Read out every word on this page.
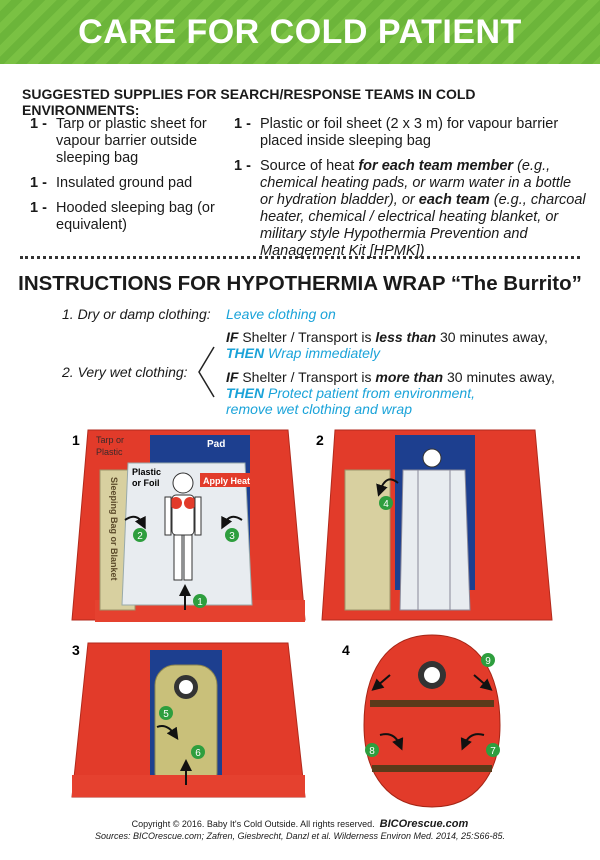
CARE FOR COLD PATIENT
SUGGESTED SUPPLIES FOR SEARCH/RESPONSE TEAMS IN COLD ENVIRONMENTS:
1 - Tarp or plastic sheet for vapour barrier outside sleeping bag
1 - Insulated ground pad
1 - Hooded sleeping bag (or equivalent)
1 - Plastic or foil sheet (2 x 3 m) for vapour barrier placed inside sleeping bag
1 - Source of heat for each team member (e.g., chemical heating pads, or warm water in a bottle or hydration bladder), or each team (e.g., charcoal heater, chemical / electrical heating blanket, or military style Hypothermia Prevention and Management Kit [HPMK])
INSTRUCTIONS FOR HYPOTHERMIA WRAP “The Burrito”
1. Dry or damp clothing: Leave clothing on
2. Very wet clothing:
IF Shelter / Transport is less than 30 minutes away,
THEN Wrap immediately
IF Shelter / Transport is more than 30 minutes away,
THEN Protect patient from environment,
remove wet clothing and wrap
1 Tarp or
Plastic
Pad
Sleeping Bag or Blanket
Plastic
or Foil	Apply Heat
2	3
1
2
4
3
5
6
4
9
8	7
Copyright © 2016. Baby It's Cold Outside. All rights reserved. BICOrescue.com
Sources: BICOrescue.com; Zafren, Giesbrecht, Danzl et al. Wilderness Environ Med. 2014, 25:S66-85.
